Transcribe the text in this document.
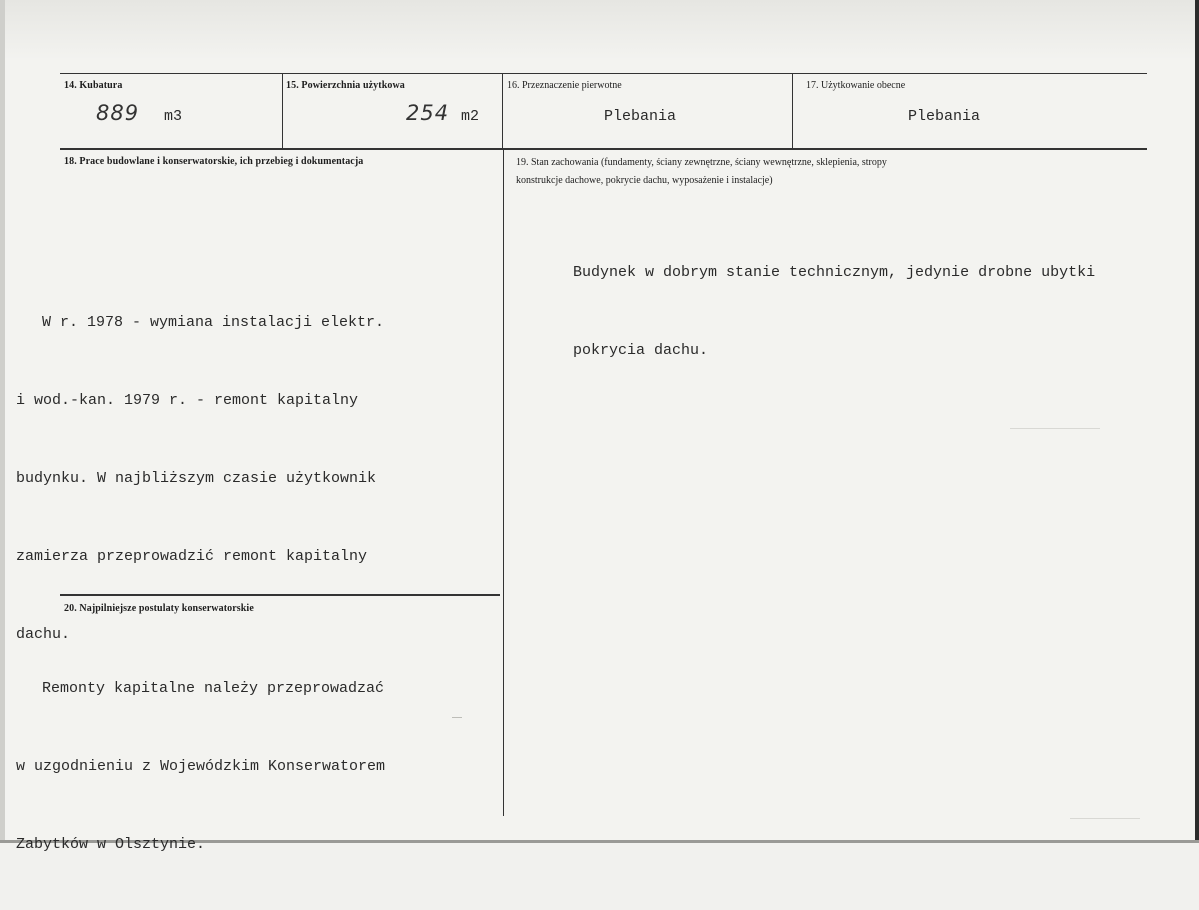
14. Kubatura
889 m3
15. Powierzchnia użytkowa
254 m2
16. Przeznaczenie pierwotne
Plebania
17. Użytkowanie obecne
Plebania
18. Prace budowlane i konserwatorskie, ich przebieg i dokumentacja

W r. 1978 - wymiana instalacji elektr.

i wod.-kan. 1979 r. - remont kapitalny

budynku. W najbliższym czasie użytkownik

zamierza przeprowadzić remont kapitalny

dachu.

19. Stan zachowania (fundamenty, ściany zewnętrzne, ściany wewnętrzne, sklepienia, stropy
konstrukcje dachowe, pokrycie dachu, wyposażenie i instalacje)

Budynek w dobrym stanie technicznym, jedynie drobne ubytki

pokrycia dachu.

20. Najpilniejsze postulaty konserwatorskie

Remonty kapitalne należy przeprowadzać

w uzgodnieniu z Wojewódzkim Konserwatorem

Zabytków w Olsztynie.
